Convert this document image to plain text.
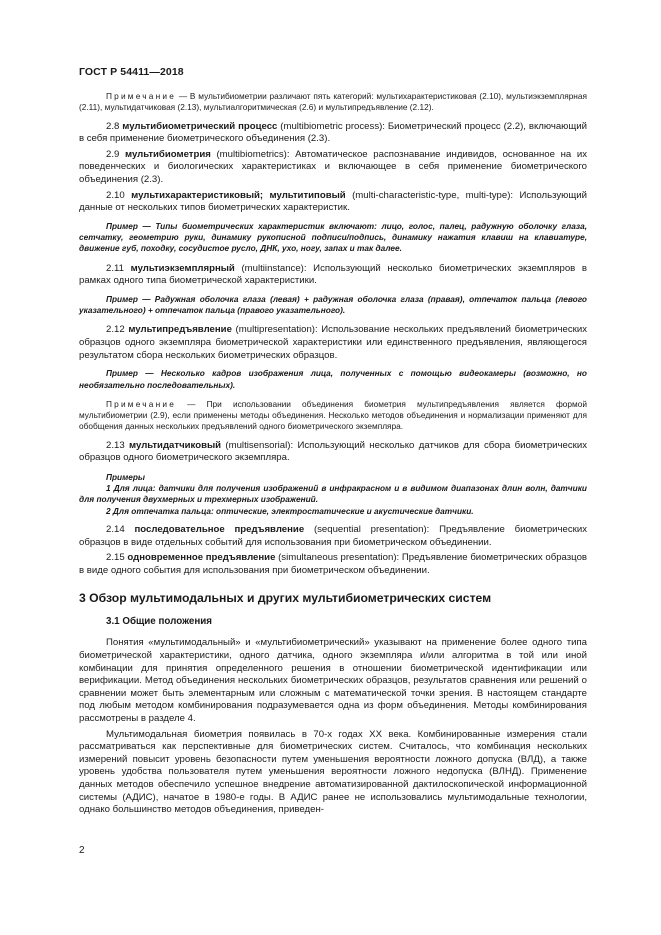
ГОСТ Р 54411—2018

Примечание — В мультибиометрии различают пять категорий: мультихарактеристиковая (2.10), мультиэкземплярная (2.11), мультидатчиковая (2.13), мультиалгоритмическая (2.6) и мультипредъявление (2.12).

2.8 мультибиометрический процесс (multibiometric process): Биометрический процесс (2.2), включающий в себя применение биометрического объединения (2.3).

2.9 мультибиометрия (multibiometrics): Автоматическое распознавание индивидов, основанное на их поведенческих и биологических характеристиках и включающее в себя применение биометрического объединения (2.3).

2.10 мультихарактеристиковый; мультитиповый (multi-characteristic-type, multi-type): Использующий данные от нескольких типов биометрических характеристик.

Пример — Типы биометрических характеристик включают: лицо, голос, палец, радужную оболочку глаза, сетчатку, геометрию руки, динамику рукописной подписи/подпись, динамику нажатия клавиш на клавиатуре, движение губ, походку, сосудистое русло, ДНК, ухо, ногу, запах и так далее.

2.11 мультиэкземплярный (multiinstance): Использующий несколько биометрических экземпляров в рамках одного типа биометрической характеристики.

Пример — Радужная оболочка глаза (левая) + радужная оболочка глаза (правая), отпечаток пальца (левого указательного) + отпечаток пальца (правого указательного).

2.12 мультипредъявление (multipresentation): Использование нескольких предъявлений биометрических образцов одного экземпляра биометрической характеристики или единственного предъявления, являющегося результатом сбора нескольких биометрических образцов.

Пример — Несколько кадров изображения лица, полученных с помощью видеокамеры (возможно, но необязательно последовательных).

Примечание — При использовании объединения биометрия мультипредъявления является формой мультибиометрии (2.9), если применены методы объединения. Несколько методов объединения и нормализации применяют для обобщения данных нескольких предъявлений одного биометрического экземпляра.

2.13 мультидатчиковый (multisensorial): Использующий несколько датчиков для сбора биометрических образцов одного биометрического экземпляра.

Примеры

1 Для лица: датчики для получения изображений в инфракрасном и в видимом диапазонах длин волн, датчики для получения двухмерных и трехмерных изображений.

2 Для отпечатка пальца: оптические, электростатические и акустические датчики.

2.14 последовательное предъявление (sequential presentation): Предъявление биометрических образцов в виде отдельных событий для использования при биометрическом объединении.

2.15 одновременное предъявление (simultaneous presentation): Предъявление биометрических образцов в виде одного события для использования при биометрическом объединении.

3 Обзор мультимодальных и других мультибиометрических систем
3.1 Общие положения

Понятия «мультимодальный» и «мультибиометрический» указывают на применение более одного типа биометрической характеристики, одного датчика, одного экземпляра и/или алгоритма в той или иной комбинации для принятия определенного решения в отношении биометрической идентификации или верификации. Метод объединения нескольких биометрических образцов, результатов сравнения или решений о сравнении может быть элементарным или сложным с математической точки зрения. В настоящем стандарте под любым методом комбинирования подразумевается одна из форм объединения. Методы комбинирования рассмотрены в разделе 4.

Мультимодальная биометрия появилась в 70-х годах XX века. Комбинированные измерения стали рассматриваться как перспективные для биометрических систем. Считалось, что комбинация нескольких измерений повысит уровень безопасности путем уменьшения вероятности ложного допуска (ВЛД), а также уровень удобства пользователя путем уменьшения вероятности ложного недопуска (ВЛНД). Применение данных методов обеспечило успешное внедрение автоматизированной дактилоскопической информационной системы (АДИС), начатое в 1980-е годы. В АДИС ранее не использовались мультимодальные технологии, однако большинство методов объединения, приведен-

2
